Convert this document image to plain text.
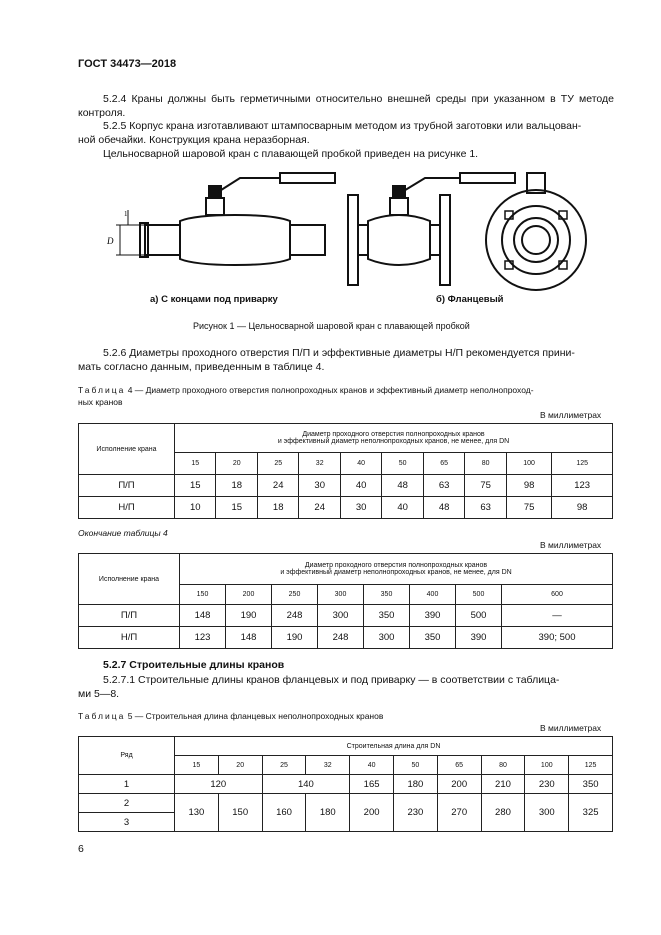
ГОСТ 34473—2018
5.2.4 Краны должны быть герметичными относительно внешней среды при указанном в ТУ методе контроля.
5.2.5 Корпус крана изготавливают штампосварным методом из трубной заготовки или вальцован-
ной обечайки. Конструкция крана неразборная.
Цельносварной шаровой кран с плавающей пробкой приведен на рисунке 1.
D
1
а) С концами под приварку	б) Фланцевый
Рисунок 1 — Цельносварной шаровой кран с плавающей пробкой
5.2.6 Диаметры проходного отверстия П/П и эффективные диаметры Н/П рекомендуется прини-
мать согласно данным, приведенным в таблице 4.
Таблица 4 — Диаметр проходного отверстия полнопроходных кранов и эффективный диаметр неполнопроход-
ных кранов
В миллиметрах
Исполнение крана	Диаметр проходного отверстия полнопроходных кранов
и эффективный диаметр неполнопроходных кранов, не менее, для DN									

	15	20	25	32	40	50	65	80	100	125
П/П	15	18	24	30	40	48	63	75	98	123
Н/П	10	15	18	24	30	40	48	63	75	98
Окончание таблицы 4
В миллиметрах
Исполнение крана	Диаметр проходного отверстия полнопроходных кранов
и эффективный диаметр неполнопроходных кранов, не менее, для DN							

	150	200	250	300	350	400	500	600
П/П	148	190	248	300	350	390	500	—
Н/П	123	148	190	248	300	350	390	390; 500
5.2.7 Строительные длины кранов
5.2.7.1 Строительные длины кранов фланцевых и под приварку — в соответствии с таблица-
ми 5—8.
Таблица 5 — Строительная длина фланцевых неполнопроходных кранов
В миллиметрах
Ряд	Строительная длина для DN									
	15	20	25	32	40	50	65	80	100	125
1	120		140		165	180	200	210	230	350
2	130	150	160	180	200	230	270	280	300	325
3										
6
